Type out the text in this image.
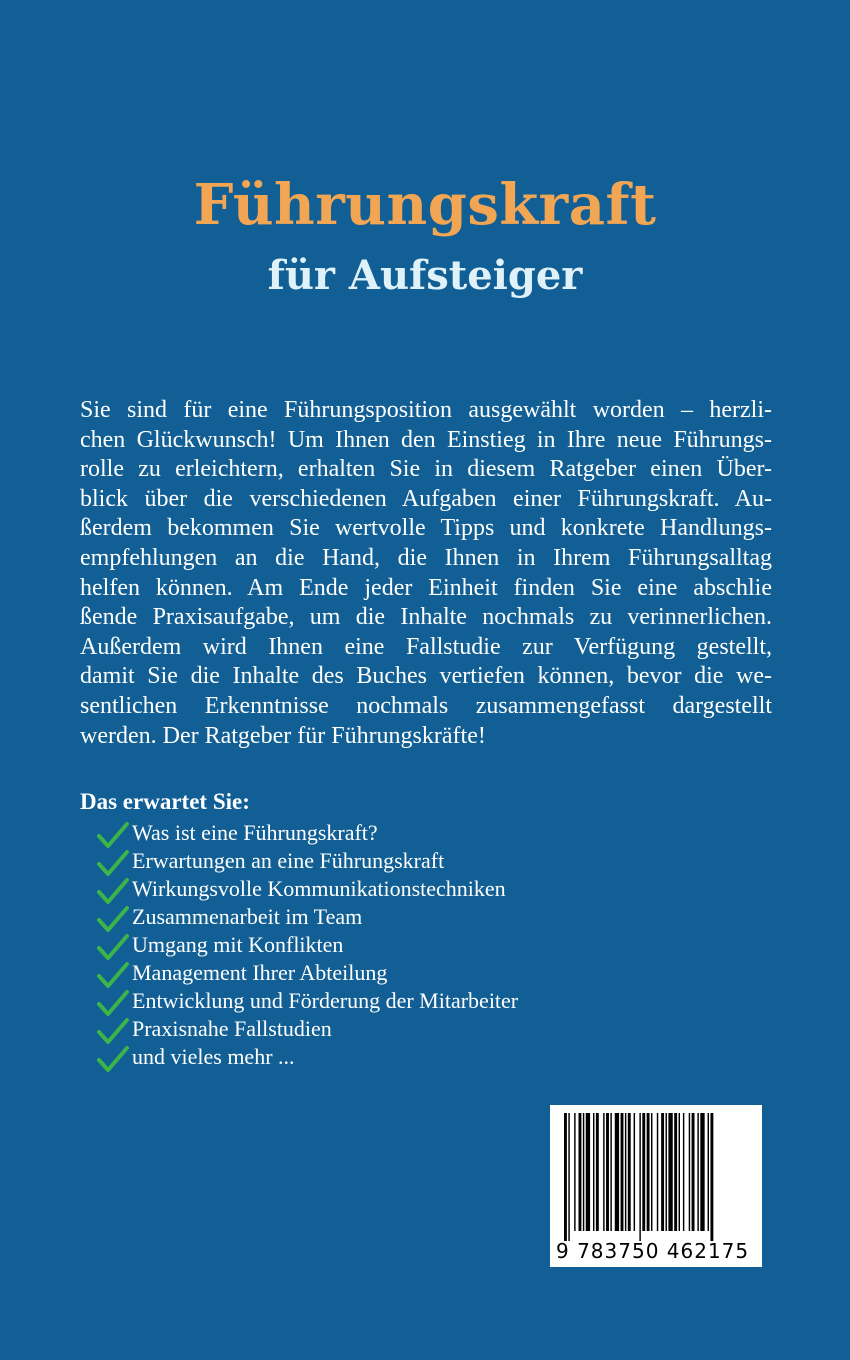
Führungskraft
für Aufsteiger

Sie sind für eine Führungsposition ausgewählt worden – herzli-
chen Glückwunsch! Um Ihnen den Einstieg in Ihre neue Führungs-
rolle zu erleichtern, erhalten Sie in diesem Ratgeber einen Über-
blick über die verschiedenen Aufgaben einer Führungskraft. Au-
ßerdem bekommen Sie wertvolle Tipps und konkrete Handlungs-
empfehlungen an die Hand, die Ihnen in Ihrem Führungsalltag
helfen können. Am Ende jeder Einheit finden Sie eine abschlie
ßende Praxisaufgabe, um die Inhalte nochmals zu verinnerlichen.
Außerdem wird Ihnen eine Fallstudie zur Verfügung gestellt,
damit Sie die Inhalte des Buches vertiefen können, bevor die we-
sentlichen Erkenntnisse nochmals zusammengefasst dargestellt
werden. Der Ratgeber für Führungskräfte!

Das erwartet Sie:
Was ist eine Führungskraft?
Erwartungen an eine Führungskraft
Wirkungsvolle Kommunikationstechniken
Zusammenarbeit im Team
Umgang mit Konflikten
Management Ihrer Abteilung
Entwicklung und Förderung der Mitarbeiter
Praxisnahe Fallstudien
und vieles mehr ...
9 783750 462175
